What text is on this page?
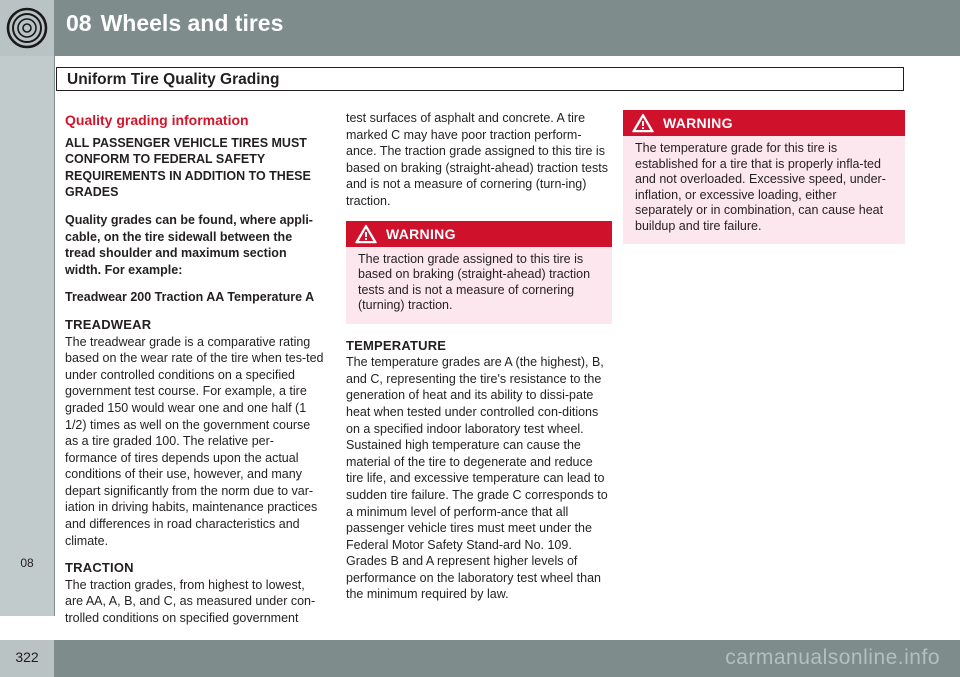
08 Wheels and tires
08
Uniform Tire Quality Grading
Quality grading information

ALL PASSENGER VEHICLE TIRES MUST CONFORM TO FEDERAL SAFETY REQUIREMENTS IN ADDITION TO THESE GRADES

Quality grades can be found, where appli-cable, on the tire sidewall between the tread shoulder and maximum section width. For example:

Treadwear 200 Traction AA Temperature A

TREADWEAR

The treadwear grade is a comparative rating based on the wear rate of the tire when tes-ted under controlled conditions on a specified government test course. For example, a tire graded 150 would wear one and one half (1 1/2) times as well on the government course as a tire graded 100. The relative per-formance of tires depends upon the actual conditions of their use, however, and many depart significantly from the norm due to var-iation in driving habits, maintenance practices and differences in road characteristics and climate.

TRACTION

The traction grades, from highest to lowest, are AA, A, B, and C, as measured under con-trolled conditions on specified government

test surfaces of asphalt and concrete. A tire marked C may have poor traction perform-ance. The traction grade assigned to this tire is based on braking (straight-ahead) traction tests and is not a measure of cornering (turn-ing) traction.

WARNING
The traction grade assigned to this tire is based on braking (straight-ahead) traction tests and is not a measure of cornering (turning) traction.
TEMPERATURE

The temperature grades are A (the highest), B, and C, representing the tire's resistance to the generation of heat and its ability to dissi-pate heat when tested under controlled con-ditions on a specified indoor laboratory test wheel. Sustained high temperature can cause the material of the tire to degenerate and reduce tire life, and excessive temperature can lead to sudden tire failure. The grade C corresponds to a minimum level of perform-ance that all passenger vehicle tires must meet under the Federal Motor Safety Stand-ard No. 109. Grades B and A represent higher levels of performance on the laboratory test wheel than the minimum required by law.

WARNING
The temperature grade for this tire is established for a tire that is properly infla-ted and not overloaded. Excessive speed, under-inflation, or excessive loading, either separately or in combination, can cause heat buildup and tire failure.
322	carmanualsonline.info
